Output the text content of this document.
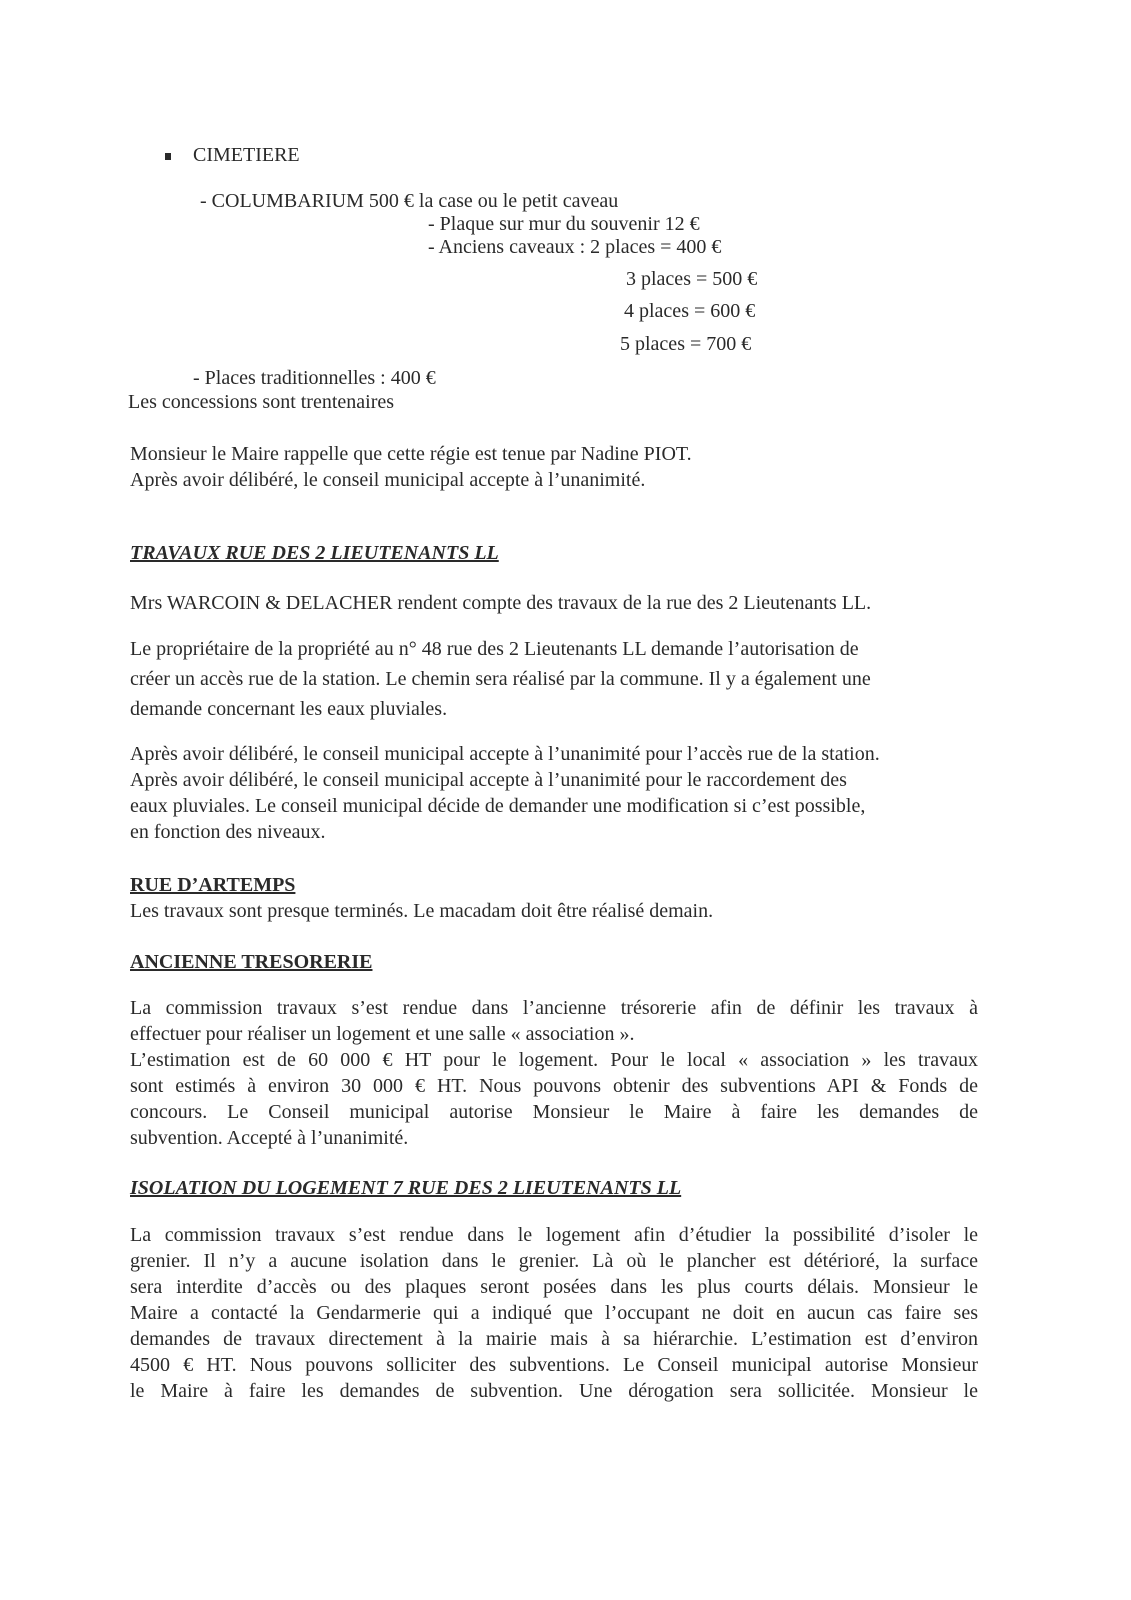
CIMETIERE
- COLUMBARIUM 500 € la case ou le petit caveau
- Plaque sur mur du souvenir 12 €
- Anciens caveaux : 2 places = 400 €
3 places = 500 €
4 places = 600 €
5 places = 700 €
- Places traditionnelles : 400 €
Les concessions sont trentenaires
Monsieur le Maire rappelle que cette régie est tenue par Nadine PIOT.
Après avoir délibéré, le conseil municipal accepte à l’unanimité.
TRAVAUX RUE DES 2 LIEUTENANTS LL
Mrs WARCOIN & DELACHER rendent compte des travaux de la rue des 2 Lieutenants LL.
Le propriétaire de la propriété au n° 48 rue des 2 Lieutenants LL demande l’autorisation de
créer un accès rue de la station. Le chemin sera réalisé par la commune. Il y a également une
demande concernant les eaux pluviales.
Après avoir délibéré, le conseil municipal accepte à l’unanimité pour l’accès rue de la station.
Après avoir délibéré, le conseil municipal accepte à l’unanimité pour le raccordement des
eaux pluviales. Le conseil municipal décide de demander une modification si c’est possible,
en fonction des niveaux.
RUE D’ARTEMPS
Les travaux sont presque terminés. Le macadam doit être réalisé demain.
ANCIENNE TRESORERIE
La commission travaux s’est rendue dans l’ancienne trésorerie afin de définir les travaux à
effectuer pour réaliser un logement et une salle « association ».
L’estimation est de 60 000 € HT pour le logement. Pour le local « association » les travaux
sont estimés à environ 30 000 € HT. Nous pouvons obtenir des subventions API & Fonds de
concours. Le Conseil municipal autorise Monsieur le Maire à faire les demandes de
subvention. Accepté à l’unanimité.
ISOLATION DU LOGEMENT 7 RUE DES 2 LIEUTENANTS LL
La commission travaux s’est rendue dans le logement afin d’étudier la possibilité d’isoler le
grenier. Il n’y a aucune isolation dans le grenier. Là où le plancher est détérioré, la surface
sera interdite d’accès ou des plaques seront posées dans les plus courts délais. Monsieur le
Maire a contacté la Gendarmerie qui a indiqué que l’occupant ne doit en aucun cas faire ses
demandes de travaux directement à la mairie mais à sa hiérarchie. L’estimation est d’environ
4500 € HT. Nous pouvons solliciter des subventions. Le Conseil municipal autorise Monsieur
le Maire à faire les demandes de subvention. Une dérogation sera sollicitée. Monsieur le
